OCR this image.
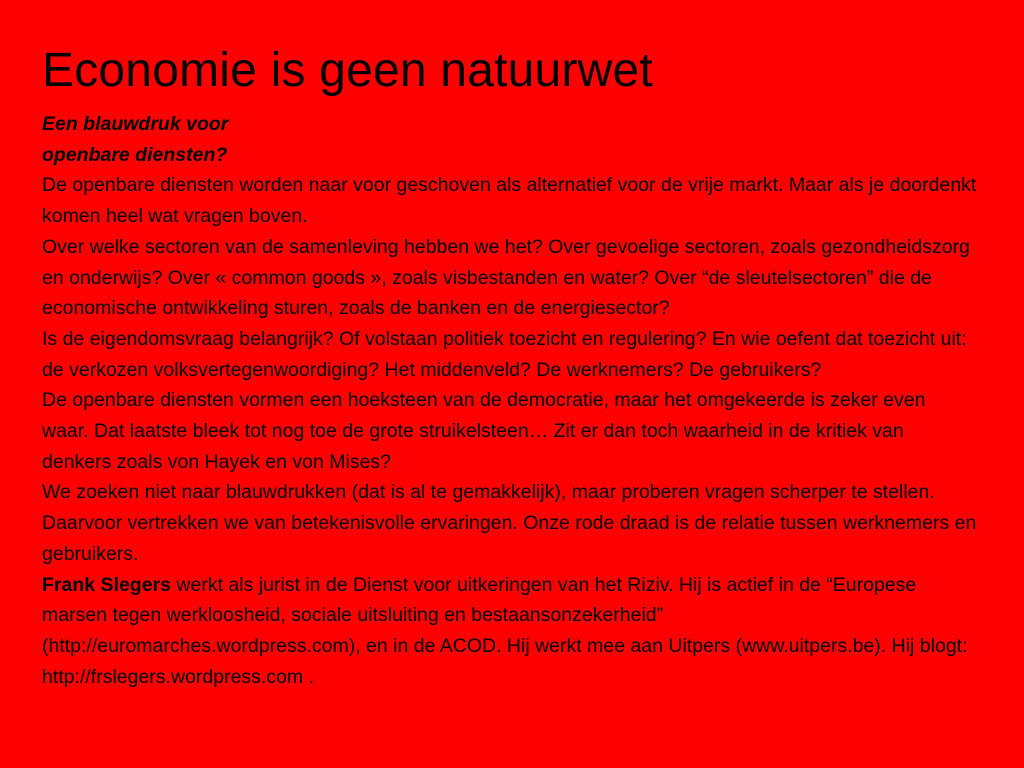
Economie is geen natuurwet

Een blauwdruk voor

openbare diensten?

De openbare diensten worden naar voor geschoven als alternatief voor de vrije markt. Maar als je doordenkt komen heel wat vragen boven.

Over welke sectoren van de samenleving hebben we het? Over gevoelige sectoren, zoals gezondheidszorg en onderwijs? Over « common goods », zoals visbestanden en water? Over “de sleutelsectoren” die de economische ontwikkeling sturen, zoals de banken en de energiesector?

Is de eigendomsvraag belangrijk? Of volstaan politiek toezicht en regulering? En wie oefent dat toezicht uit: de verkozen volksvertegenwoordiging? Het middenveld? De werknemers? De gebruikers?

De openbare diensten vormen een hoeksteen van de democratie, maar het omgekeerde is zeker even waar. Dat laatste bleek tot nog toe de grote struikelsteen… Zit er dan toch waarheid in de kritiek van denkers zoals von Hayek en von Mises?

We zoeken niet naar blauwdrukken (dat is al te gemakkelijk), maar proberen vragen scherper te stellen. Daarvoor vertrekken we van betekenisvolle ervaringen. Onze rode draad is de relatie tussen werknemers en gebruikers.

Frank Slegers werkt als jurist in de Dienst voor uitkeringen van het Riziv. Hij is actief in de “Europese marsen tegen werkloosheid, sociale uitsluiting en bestaansonzekerheid” (http://euromarches.wordpress.com), en in de ACOD. Hij werkt mee aan Uitpers (www.uitpers.be). Hij blogt: http://frslegers.wordpress.com .
